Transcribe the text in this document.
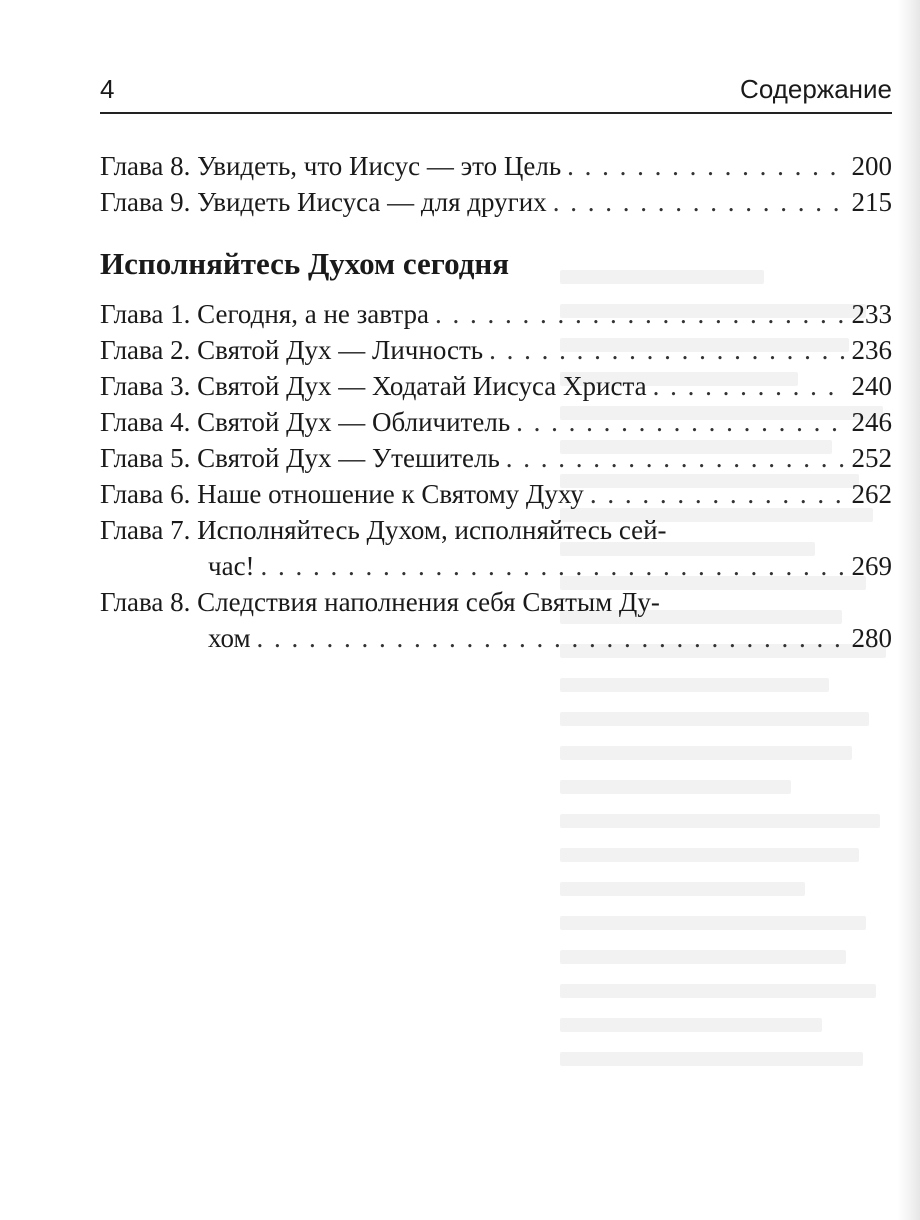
4	Содержание
Глава 8. Увидеть, что Иисус — это Цель . . .	200
Глава 9. Увидеть Иисуса — для других . . .	215
Исполняйтесь Духом сегодня
Глава 1. Сегодня, а не завтра . . .	233
Глава 2. Святой Дух — Личность . . .	236
Глава 3. Святой Дух — Ходатай Иисуса Христа . . .	240
Глава 4. Святой Дух — Обличитель . . .	246
Глава 5. Святой Дух — Утешитель . . .	252
Глава 6. Наше отношение к Святому Духу . . .	262
Глава 7. Исполняйтесь Духом, исполняйтесь сей-
час! . . .	269
Глава 8. Следствия наполнения себя Святым Ду-
хом . . .	280
